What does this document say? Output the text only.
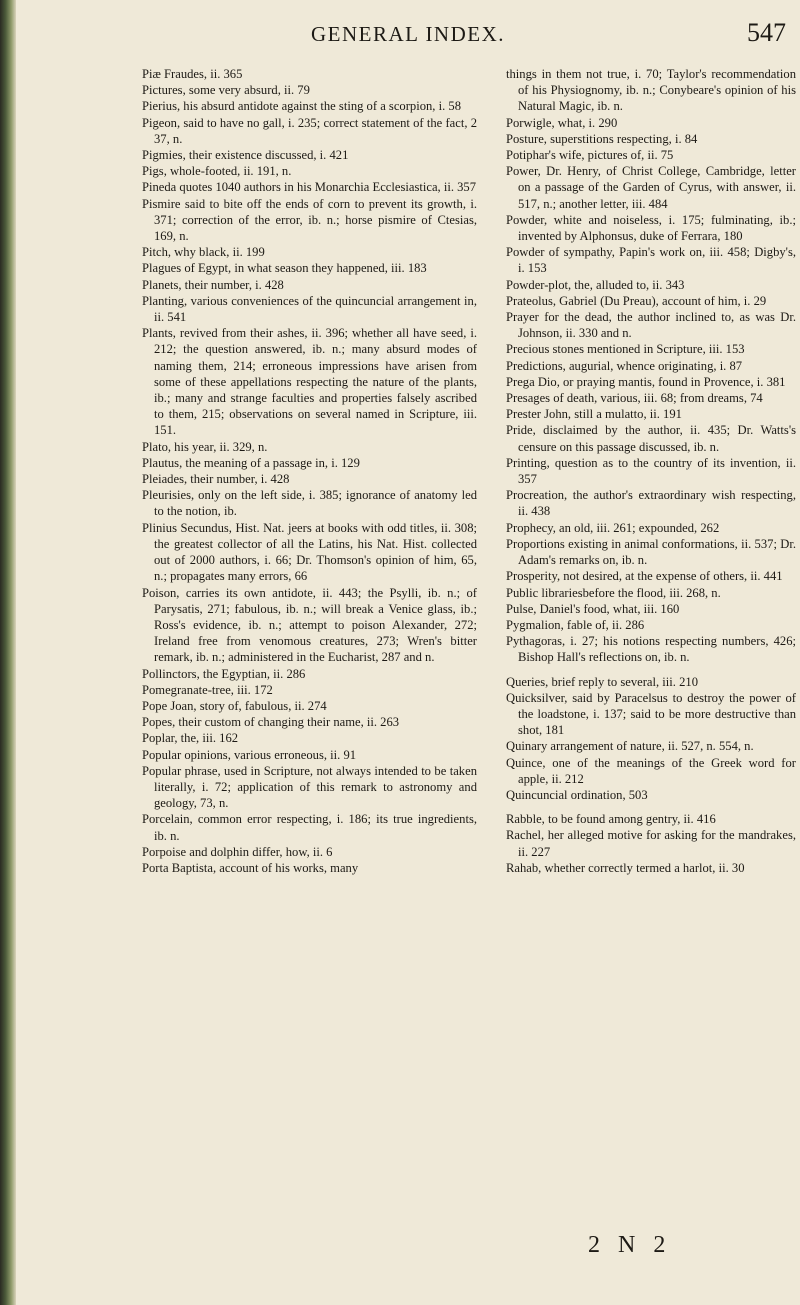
GENERAL INDEX.	547

Piæ Fraudes, ii. 365

Pictures, some very absurd, ii. 79

Pierius, his absurd antidote against the sting of a scorpion, i. 58

Pigeon, said to have no gall, i. 235; correct statement of the fact, 2 37, n.

Pigmies, their existence discussed, i. 421

Pigs, whole-footed, ii. 191, n.

Pineda quotes 1040 authors in his Monarchia Ecclesiastica, ii. 357

Pismire said to bite off the ends of corn to prevent its growth, i. 371; correction of the error, ib. n.; horse pismire of Ctesias, 169, n.

Pitch, why black, ii. 199

Plagues of Egypt, in what season they happened, iii. 183

Planets, their number, i. 428

Planting, various conveniences of the quincuncial arrangement in, ii. 541

Plants, revived from their ashes, ii. 396; whether all have seed, i. 212; the question answered, ib. n.; many absurd modes of naming them, 214; erroneous impressions have arisen from some of these appellations respecting the nature of the plants, ib.; many and strange faculties and properties falsely ascribed to them, 215; observations on several named in Scripture, iii. 151.

Plato, his year, ii. 329, n.

Plautus, the meaning of a passage in, i. 129

Pleiades, their number, i. 428

Pleurisies, only on the left side, i. 385; ignorance of anatomy led to the notion, ib.

Plinius Secundus, Hist. Nat. jeers at books with odd titles, ii. 308; the greatest collector of all the Latins, his Nat. Hist. collected out of 2000 authors, i. 66; Dr. Thomson's opinion of him, 65, n.; propagates many errors, 66

Poison, carries its own antidote, ii. 443; the Psylli, ib. n.; of Parysatis, 271; fabulous, ib. n.; will break a Venice glass, ib.; Ross's evidence, ib. n.; attempt to poison Alexander, 272; Ireland free from venomous creatures, 273; Wren's bitter remark, ib. n.; administered in the Eucharist, 287 and n.

Pollinctors, the Egyptian, ii. 286

Pomegranate-tree, iii. 172

Pope Joan, story of, fabulous, ii. 274

Popes, their custom of changing their name, ii. 263

Poplar, the, iii. 162

Popular opinions, various erroneous, ii. 91

Popular phrase, used in Scripture, not always intended to be taken literally, i. 72; application of this remark to astronomy and geology, 73, n.

Porcelain, common error respecting, i. 186; its true ingredients, ib. n.

Porpoise and dolphin differ, how, ii. 6

Porta Baptista, account of his works, many

things in them not true, i. 70; Taylor's recommendation of his Physiognomy, ib. n.; Conybeare's opinion of his Natural Magic, ib. n.

Porwigle, what, i. 290

Posture, superstitions respecting, i. 84

Potiphar's wife, pictures of, ii. 75

Power, Dr. Henry, of Christ College, Cambridge, letter on a passage of the Garden of Cyrus, with answer, ii. 517, n.; another letter, iii. 484

Powder, white and noiseless, i. 175; fulminating, ib.; invented by Alphonsus, duke of Ferrara, 180

Powder of sympathy, Papin's work on, iii. 458; Digby's, i. 153

Powder-plot, the, alluded to, ii. 343

Prateolus, Gabriel (Du Preau), account of him, i. 29

Prayer for the dead, the author inclined to, as was Dr. Johnson, ii. 330 and n.

Precious stones mentioned in Scripture, iii. 153

Predictions, augurial, whence originating, i. 87

Prega Dio, or praying mantis, found in Provence, i. 381

Presages of death, various, iii. 68; from dreams, 74

Prester John, still a mulatto, ii. 191

Pride, disclaimed by the author, ii. 435; Dr. Watts's censure on this passage discussed, ib. n.

Printing, question as to the country of its invention, ii. 357

Procreation, the author's extraordinary wish respecting, ii. 438

Prophecy, an old, iii. 261; expounded, 262

Proportions existing in animal conformations, ii. 537; Dr. Adam's remarks on, ib. n.

Prosperity, not desired, at the expense of others, ii. 441

Public librariesbefore the flood, iii. 268, n.

Pulse, Daniel's food, what, iii. 160

Pygmalion, fable of, ii. 286

Pythagoras, i. 27; his notions respecting numbers, 426; Bishop Hall's reflections on, ib. n.

Queries, brief reply to several, iii. 210

Quicksilver, said by Paracelsus to destroy the power of the loadstone, i. 137; said to be more destructive than shot, 181

Quinary arrangement of nature, ii. 527, n. 554, n.

Quince, one of the meanings of the Greek word for apple, ii. 212

Quincuncial ordination, 503

Rabble, to be found among gentry, ii. 416

Rachel, her alleged motive for asking for the mandrakes, ii. 227

Rahab, whether correctly termed a harlot, ii. 30

2 N 2
